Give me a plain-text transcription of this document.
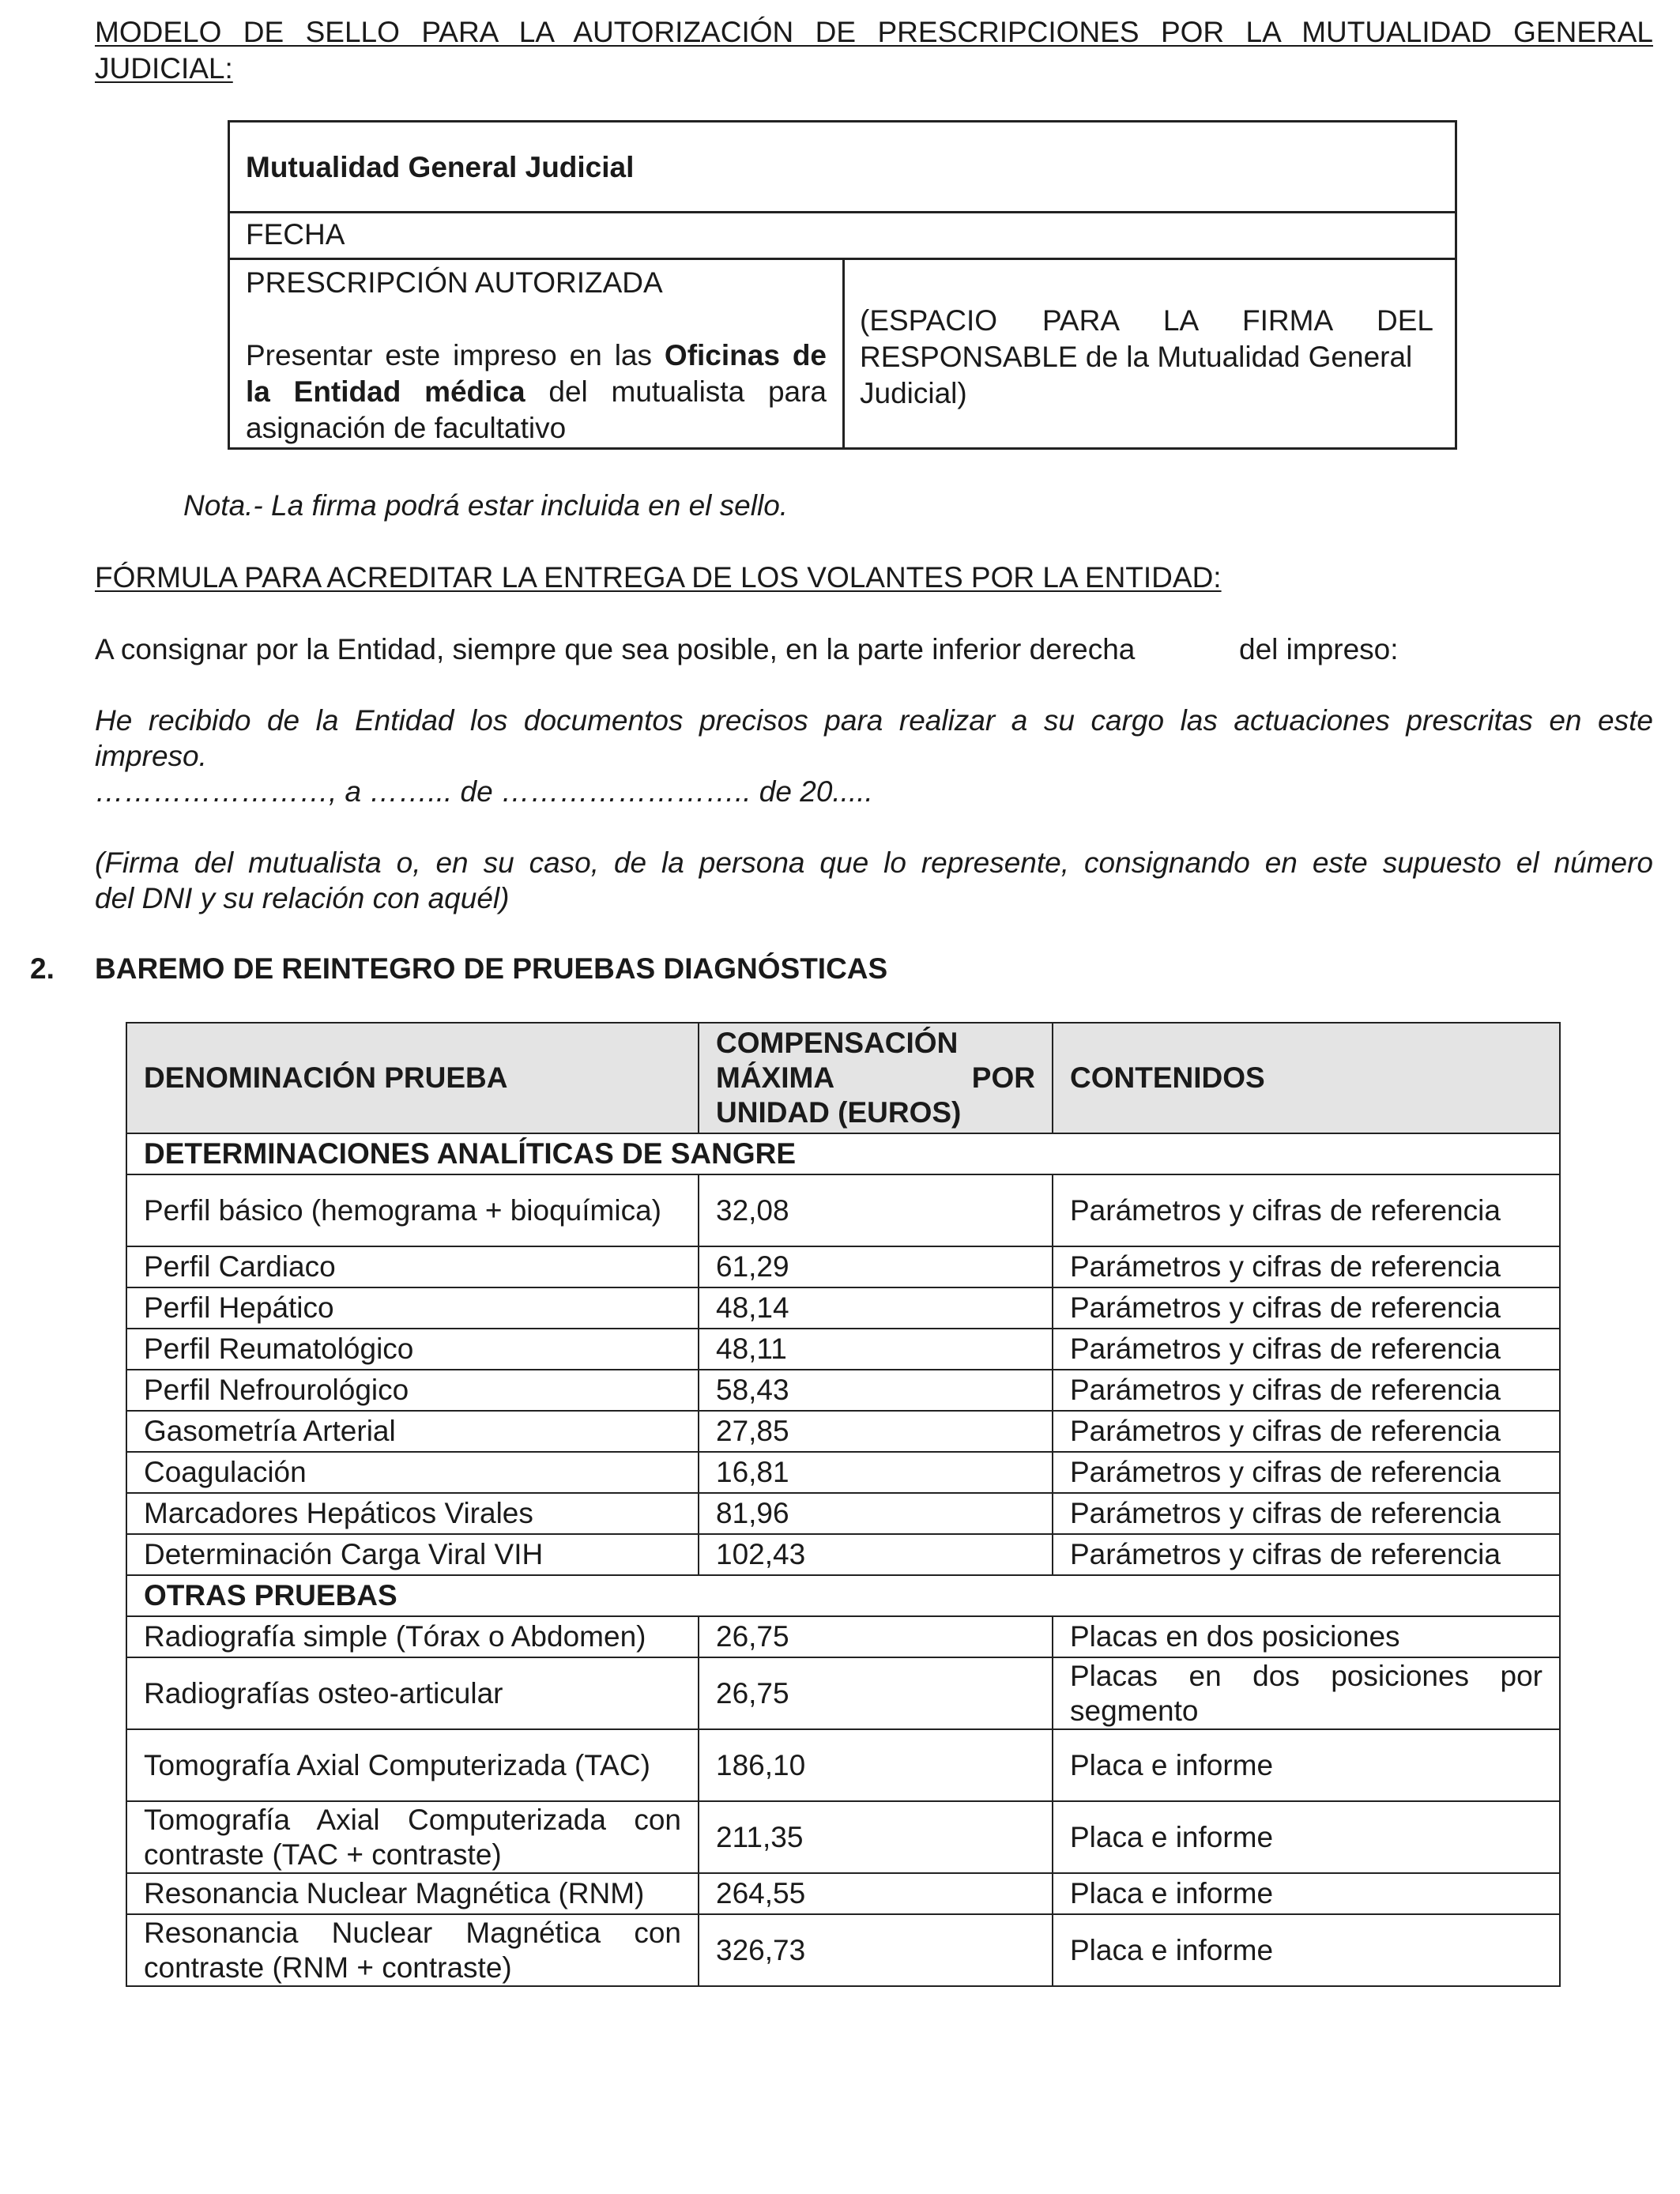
MODELO DE SELLO PARA LA AUTORIZACIÓN DE PRESCRIPCIONES POR LA MUTUALIDAD GENERAL
JUDICIAL:
Mutualidad General Judicial
FECHA
PRESCRIPCIÓN AUTORIZADA
Presentar este impreso en las Oficinas de
la Entidad médica del mutualista para
asignación de facultativo
(ESPACIO PARA LA FIRMA DEL
RESPONSABLE de la Mutualidad General
Judicial)
Nota.- La firma podrá estar incluida en el sello.
FÓRMULA PARA ACREDITAR LA ENTREGA DE LOS VOLANTES POR LA ENTIDAD:
A consignar por la Entidad, siempre que sea posible, en la parte inferior derecha	del impreso:
He recibido de la Entidad los documentos precisos para realizar a su cargo las actuaciones prescritas en este
impreso.
……………………, a ……... de …………………….. de 20.....
(Firma del mutualista o, en su caso, de la persona que lo represente, consignando en este supuesto el número
del DNI y su relación con aquél)
2. BAREMO DE REINTEGRO DE PRUEBAS DIAGNÓSTICAS
DENOMINACIÓN PRUEBA	COMPENSACIÓN
MÁXIMA POR
UNIDAD (EUROS)	CONTENIDOS
DETERMINACIONES ANALÍTICAS DE SANGRE		
Perfil básico (hemograma + bioquímica)	32,08	Parámetros y cifras de referencia
Perfil Cardiaco	61,29	Parámetros y cifras de referencia
Perfil Hepático	48,14	Parámetros y cifras de referencia
Perfil Reumatológico	48,11	Parámetros y cifras de referencia
Perfil Nefrourológico	58,43	Parámetros y cifras de referencia
Gasometría Arterial	27,85	Parámetros y cifras de referencia
Coagulación	16,81	Parámetros y cifras de referencia
Marcadores Hepáticos Virales	81,96	Parámetros y cifras de referencia
Determinación Carga Viral VIH	102,43	Parámetros y cifras de referencia
OTRAS PRUEBAS		
Radiografía simple (Tórax o Abdomen)	26,75	Placas en dos posiciones
Radiografías osteo-articular	26,75	Placas en dos posiciones por segmento
Tomografía Axial Computerizada (TAC)	186,10	Placa e informe
Tomografía Axial Computerizada con contraste (TAC + contraste)	211,35	Placa e informe
Resonancia Nuclear Magnética (RNM)	264,55	Placa e informe
Resonancia Nuclear Magnética con contraste (RNM + contraste)	326,73	Placa e informe
